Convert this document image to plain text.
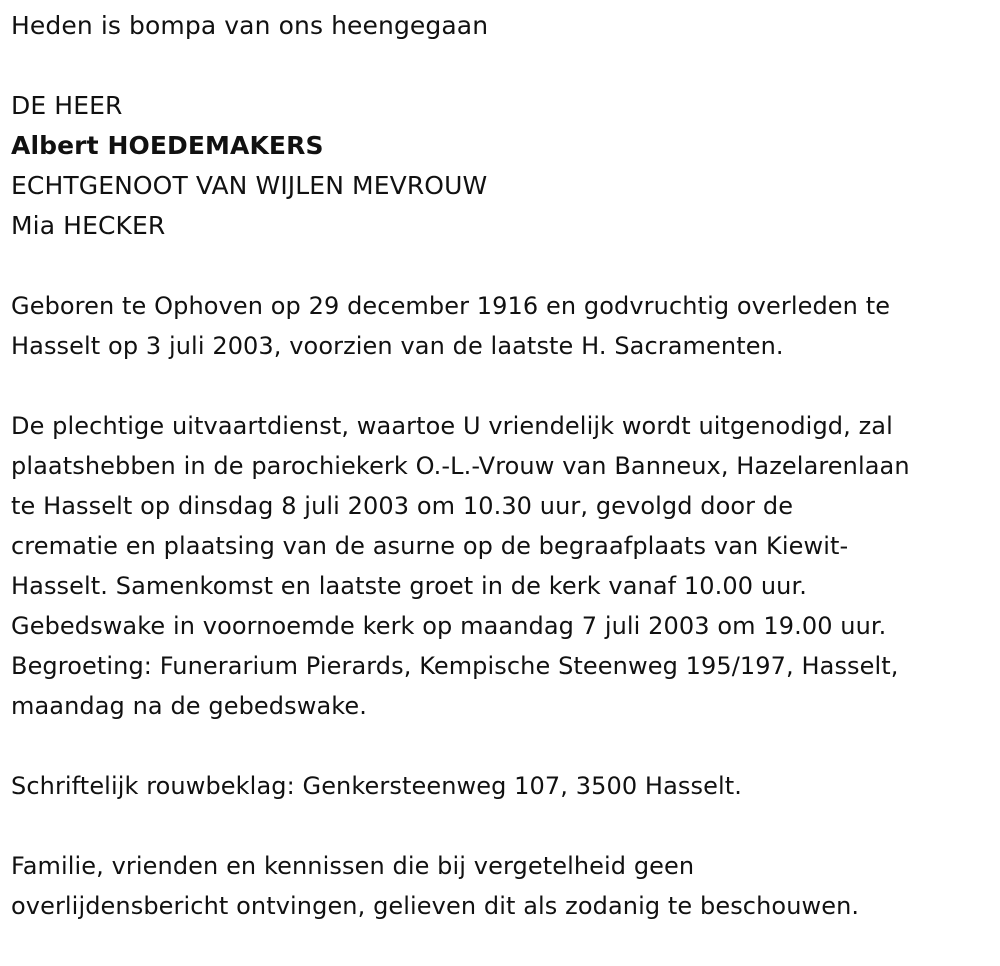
Heden is bompa van ons heengegaan
DE HEER
Albert HOEDEMAKERS
ECHTGENOOT VAN WIJLEN MEVROUW
Mia HECKER
Geboren te Ophoven op 29 december 1916 en godvruchtig overleden te
Hasselt op 3 juli 2003, voorzien van de laatste H. Sacramenten.
De plechtige uitvaartdienst, waartoe U vriendelijk wordt uitgenodigd, zal
plaatshebben in de parochiekerk O.-L.-Vrouw van Banneux, Hazelarenlaan
te Hasselt op dinsdag 8 juli 2003 om 10.30 uur, gevolgd door de
crematie en plaatsing van de asurne op de begraafplaats van Kiewit-
Hasselt. Samenkomst en laatste groet in de kerk vanaf 10.00 uur.
Gebedswake in voornoemde kerk op maandag 7 juli 2003 om 19.00 uur.
Begroeting: Funerarium Pierards, Kempische Steenweg 195/197, Hasselt,
maandag na de gebedswake.
Schriftelijk rouwbeklag: Genkersteenweg 107, 3500 Hasselt.
Familie, vrienden en kennissen die bij vergetelheid geen
overlijdensbericht ontvingen, gelieven dit als zodanig te beschouwen.
